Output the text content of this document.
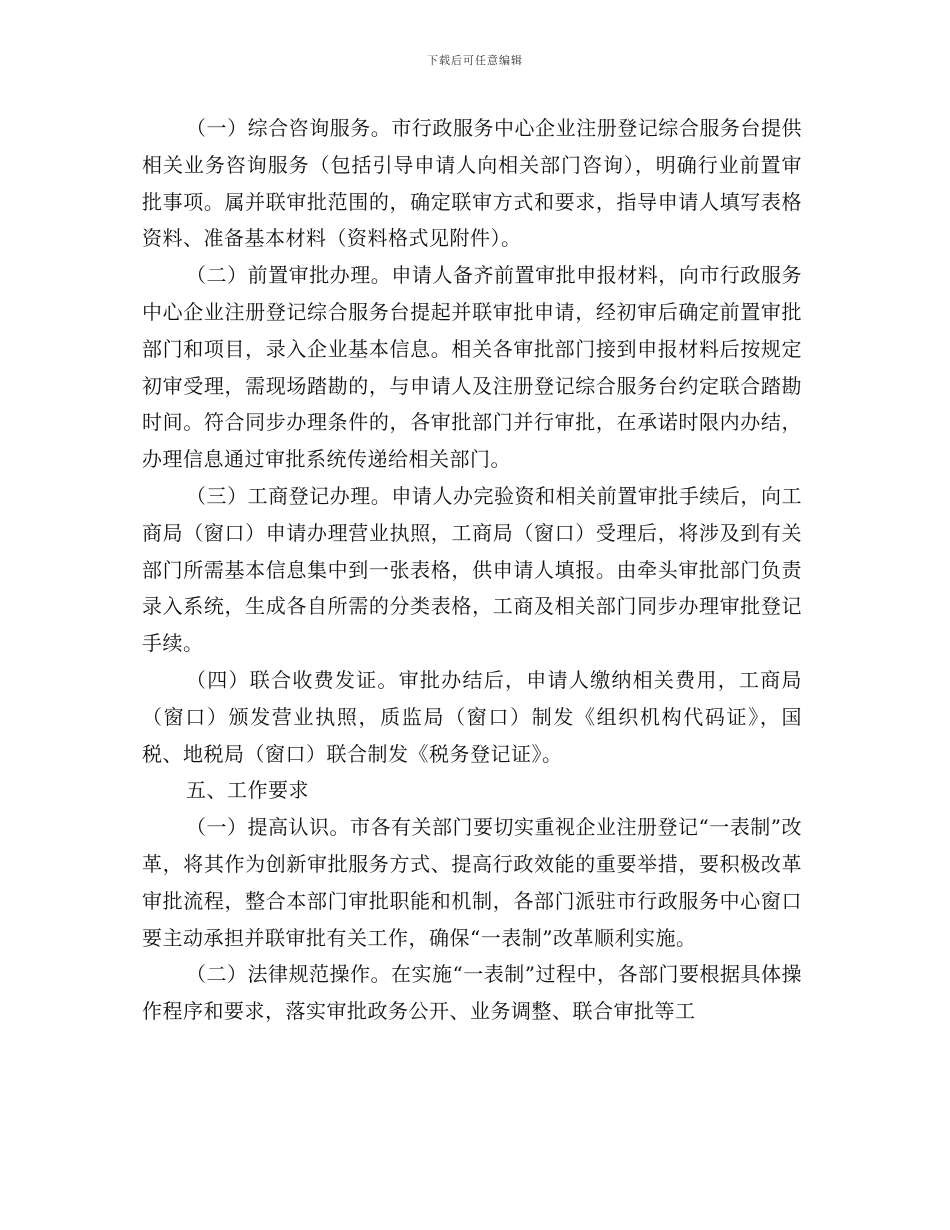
下载后可任意编辑

（一）综合咨询服务。市行政服务中心企业注册登记综合服务台提供相关业务咨询服务（包括引导申请人向相关部门咨询），明确行业前置审批事项。属并联审批范围的，确定联审方式和要求，指导申请人填写表格资料、准备基本材料（资料格式见附件）。

（二）前置审批办理。申请人备齐前置审批申报材料，向市行政服务中心企业注册登记综合服务台提起并联审批申请，经初审后确定前置审批部门和项目，录入企业基本信息。相关各审批部门接到申报材料后按规定初审受理，需现场踏勘的，与申请人及注册登记综合服务台约定联合踏勘时间。符合同步办理条件的，各审批部门并行审批，在承诺时限内办结，办理信息通过审批系统传递给相关部门。

（三）工商登记办理。申请人办完验资和相关前置审批手续后，向工商局（窗口）申请办理营业执照，工商局（窗口）受理后，将涉及到有关部门所需基本信息集中到一张表格，供申请人填报。由牵头审批部门负责录入系统，生成各自所需的分类表格，工商及相关部门同步办理审批登记手续。

（四）联合收费发证。审批办结后，申请人缴纳相关费用，工商局（窗口）颁发营业执照，质监局（窗口）制发《组织机构代码证》，国税、地税局（窗口）联合制发《税务登记证》。

五、工作要求

（一）提高认识。市各有关部门要切实重视企业注册登记“一表制”改革，将其作为创新审批服务方式、提高行政效能的重要举措，要积极改革审批流程，整合本部门审批职能和机制，各部门派驻市行政服务中心窗口要主动承担并联审批有关工作，确保“一表制”改革顺利实施。

（二）法律规范操作。在实施“一表制”过程中，各部门要根据具体操作程序和要求，落实审批政务公开、业务调整、联合审批等工
